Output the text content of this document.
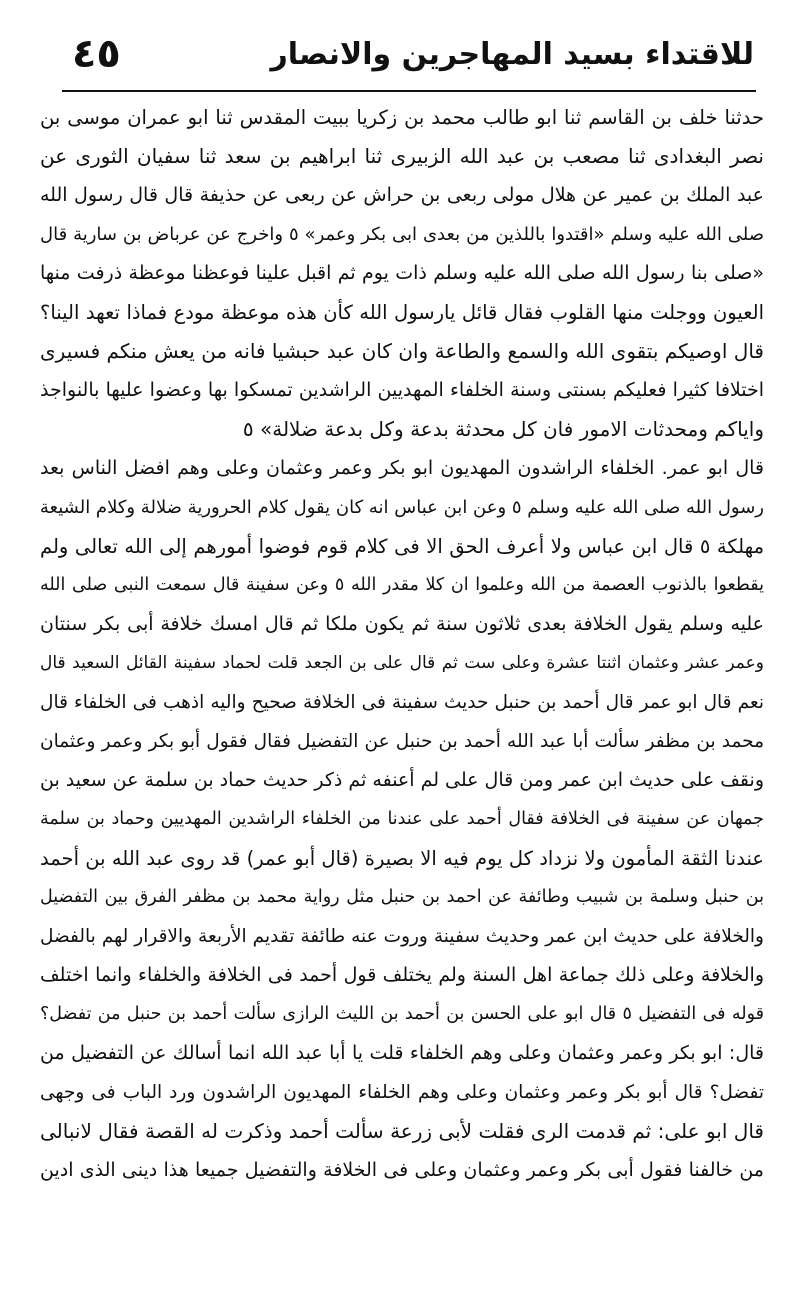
٤٥	للاقتداء بسيد المهاجرين والانصار
حدثنا خلف بن القاسم ثنا ابو طالب محمد بن زكريا ببيت المقدس ثنا ابو عمران موسى بن
نصر البغدادى ثنا مصعب بن عبد الله الزبيرى ثنا ابراهيم بن سعد ثنا سفيان الثورى عن
عبد الملك بن عمير عن هلال مولى ربعى بن حراش عن ربعى عن حذيفة قال قال رسول الله
صلى الله عليه وسلم «اقتدوا باللذين من بعدى ابى بكر وعمر» ٥ واخرج عن عرباض بن سارية قال
«صلى بنا رسول الله صلى الله عليه وسلم ذات يوم ثم اقبل علينا فوعظنا موعظة ذرفت منها
العيون ووجلت منها القلوب فقال قائل يارسول الله كأن هذه موعظة مودع فماذا تعهد الينا؟
قال اوصيكم بتقوى الله والسمع والطاعة وان كان عبد حبشيا فانه من يعش منكم فسيرى
اختلافا كثيرا فعليكم بسنتى وسنة الخلفاء المهديين الراشدين تمسكوا بها وعضوا عليها بالنواجذ
واياكم ومحدثات الامور فان كل محدثة بدعة وكل بدعة ضلالة» ٥
قال ابو عمر. الخلفاء الراشدون المهديون ابو بكر وعمر وعثمان وعلى وهم افضل الناس بعد
رسول الله صلى الله عليه وسلم ٥ وعن ابن عباس انه كان يقول كلام الحرورية ضلالة وكلام الشيعة
مهلكة ٥ قال ابن عباس ولا أعرف الحق الا فى كلام قوم فوضوا أمورهم إلى الله تعالى ولم
يقطعوا بالذنوب العصمة من الله وعلموا ان كلا مقدر الله ٥ وعن سفينة قال سمعت النبى صلى الله
عليه وسلم يقول الخلافة بعدى ثلاثون سنة ثم يكون ملكا ثم قال امسك خلافة أبى بكر سنتان
وعمر عشر وعثمان اثنتا عشرة وعلى ست ثم قال على بن الجعد قلت لحماد سفينة القائل السعيد قال
نعم قال ابو عمر قال أحمد بن حنبل حديث سفينة فى الخلافة صحيح واليه اذهب فى الخلفاء قال
محمد بن مظفر سألت أبا عبد الله أحمد بن حنبل عن التفضيل فقال فقول أبو بكر وعمر وعثمان
ونقف على حديث ابن عمر ومن قال على لم أعنفه ثم ذكر حديث حماد بن سلمة عن سعيد بن
جمهان عن سفينة فى الخلافة فقال أحمد على عندنا من الخلفاء الراشدين المهديين وحماد بن سلمة
عندنا الثقة المأمون ولا نزداد كل يوم فيه الا بصيرة (قال أبو عمر) قد روى عبد الله بن أحمد
بن حنبل وسلمة بن شبيب وطائفة عن احمد بن حنبل مثل رواية محمد بن مظفر الفرق بين التفضيل
والخلافة على حديث ابن عمر وحديث سفينة وروت عنه طائفة تقديم الأربعة والاقرار لهم بالفضل
والخلافة وعلى ذلك جماعة اهل السنة ولم يختلف قول أحمد فى الخلافة والخلفاء وانما اختلف
قوله فى التفضيل ٥ قال ابو على الحسن بن أحمد بن الليث الرازى سألت أحمد بن حنبل من تفضل؟
قال: ابو بكر وعمر وعثمان وعلى وهم الخلفاء قلت يا أبا عبد الله انما أسالك عن التفضيل من
تفضل؟ قال أبو بكر وعمر وعثمان وعلى وهم الخلفاء المهديون الراشدون ورد الباب فى وجهى
قال ابو على: ثم قدمت الرى فقلت لأبى زرعة سألت أحمد وذكرت له القصة فقال لانبالى
من خالفنا فقول أبى بكر وعمر وعثمان وعلى فى الخلافة والتفضيل جميعا هذا دينى الذى ادين
